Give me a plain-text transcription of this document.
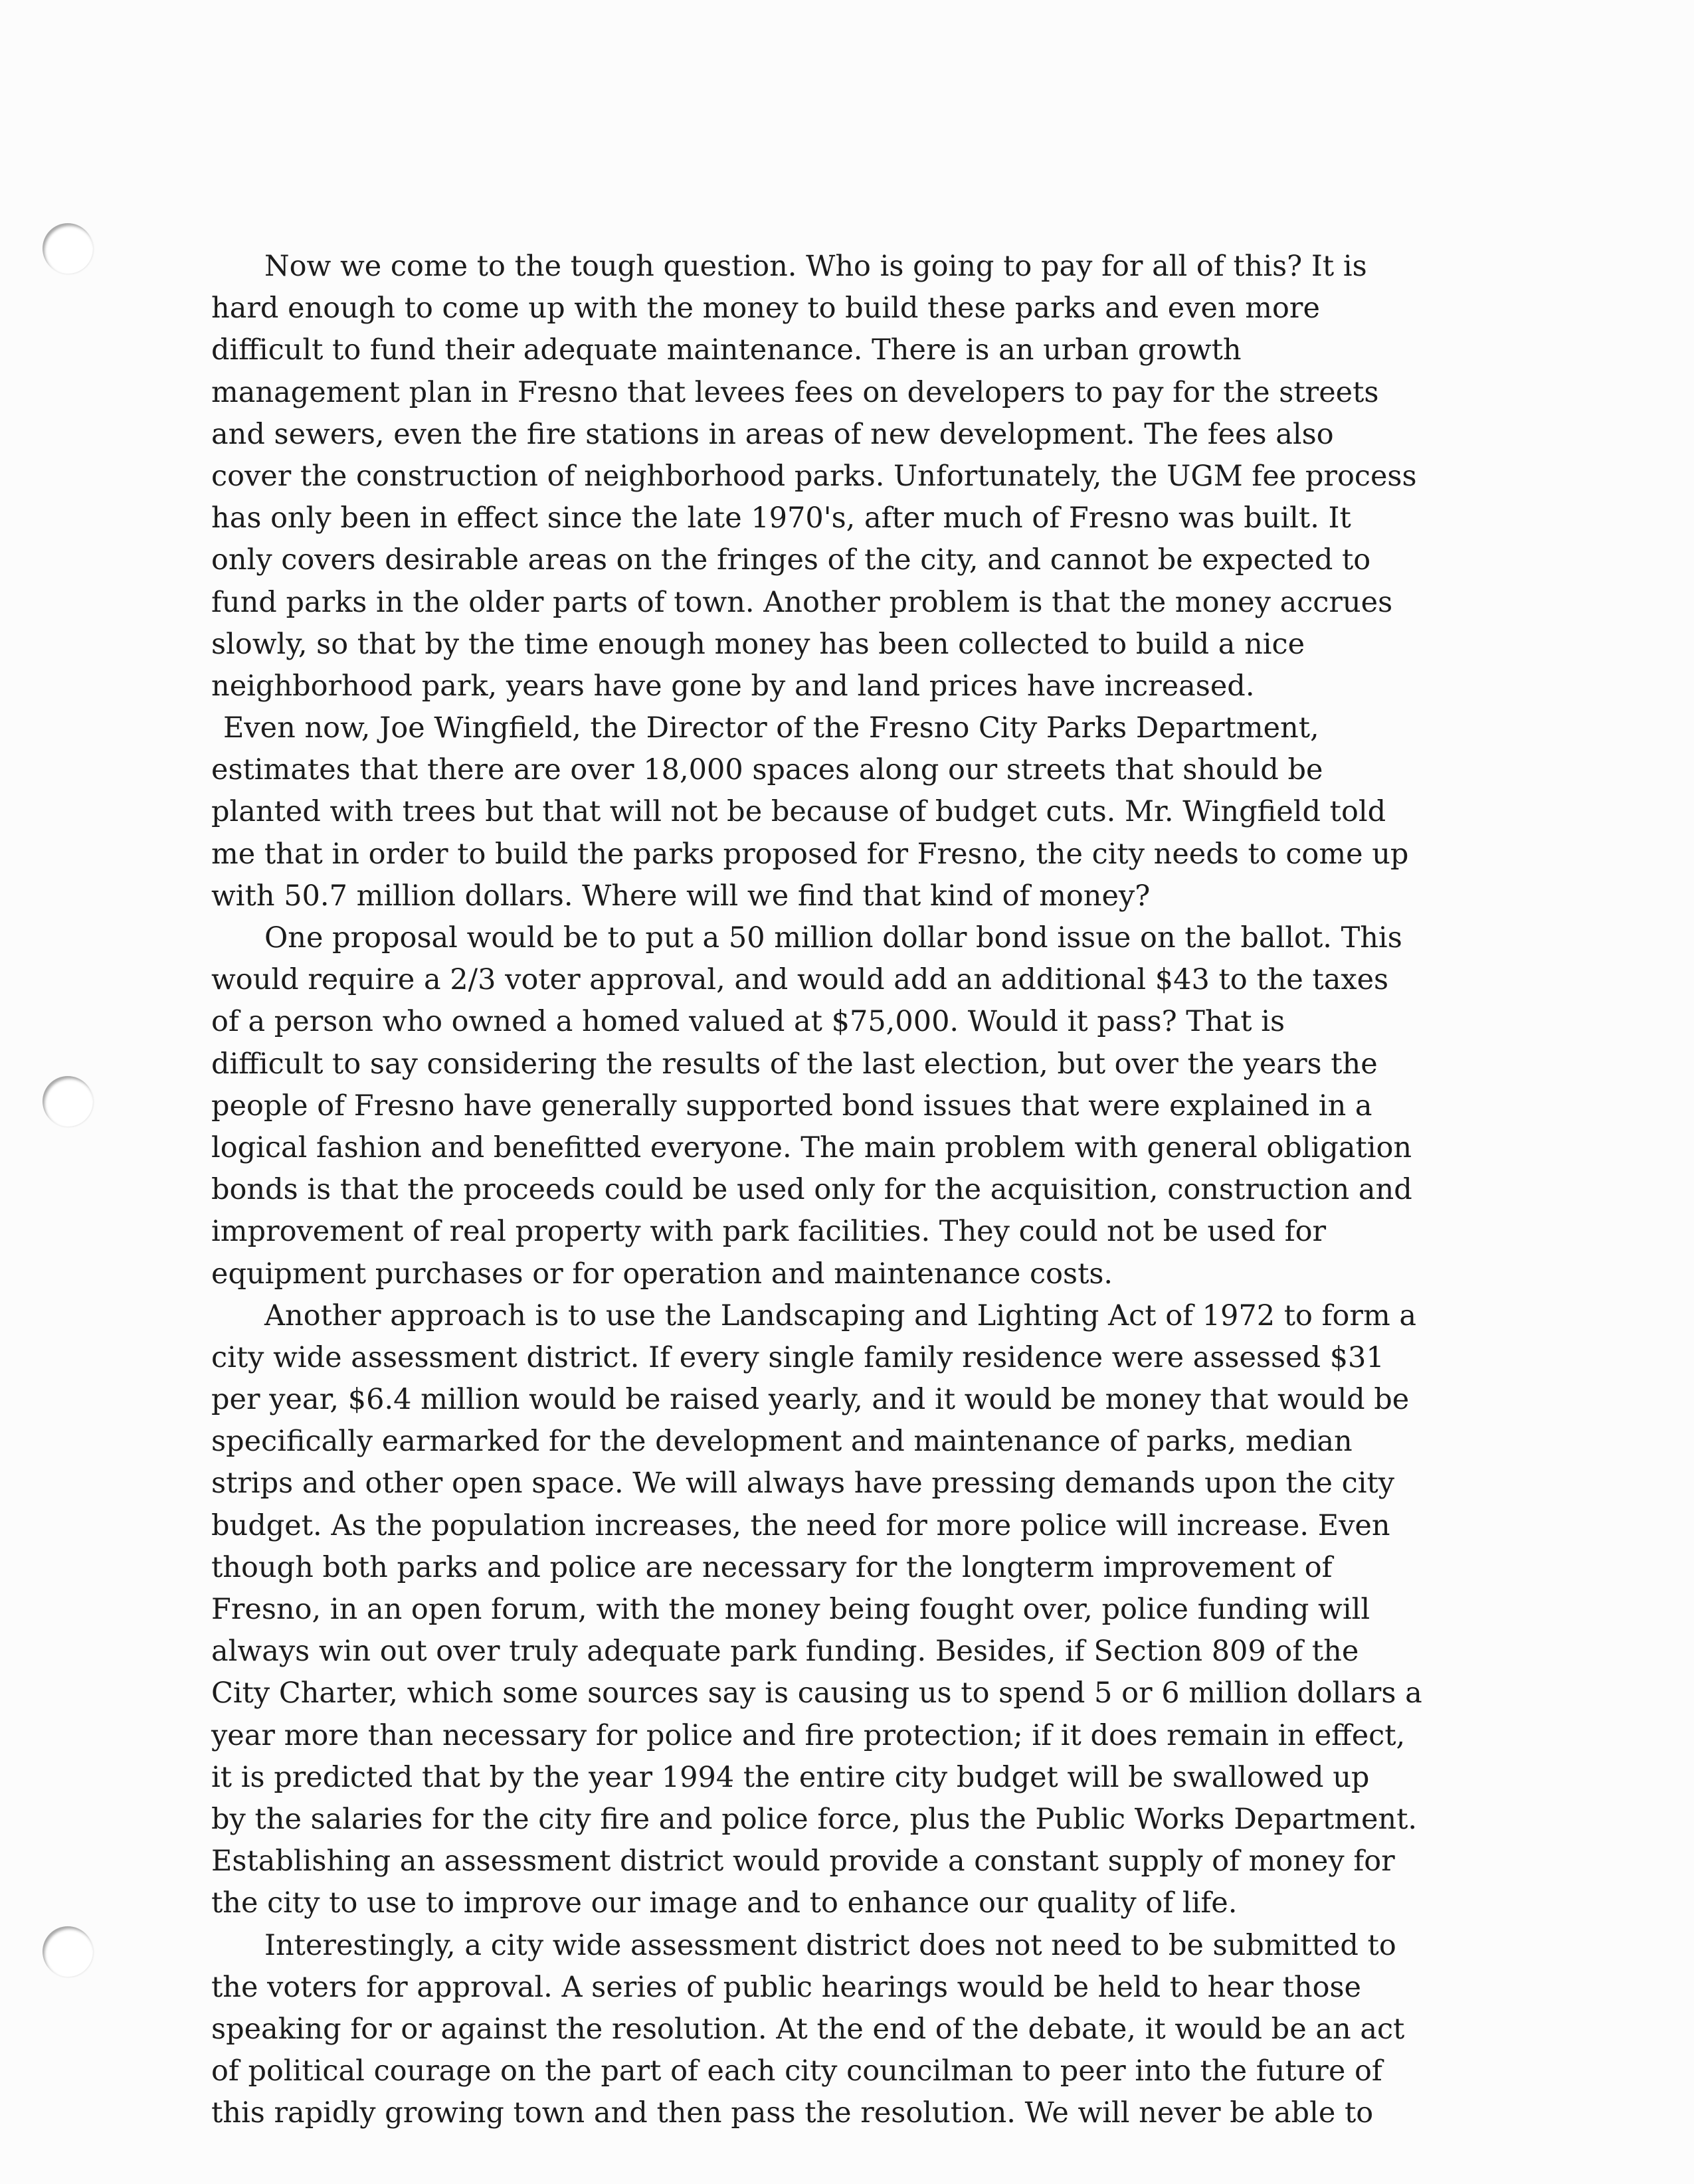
Now we come to the tough question. Who is going to pay for all of this? It is
hard enough to come up with the money to build these parks and even more
difficult to fund their adequate maintenance. There is an urban growth
management plan in Fresno that levees fees on developers to pay for the streets
and sewers, even the fire stations in areas of new development. The fees also
cover the construction of neighborhood parks. Unfortunately, the UGM fee process
has only been in effect since the late 1970's, after much of Fresno was built. It
only covers desirable areas on the fringes of the city, and cannot be expected to
fund parks in the older parts of town. Another problem is that the money accrues
slowly, so that by the time enough money has been collected to build a nice
neighborhood park, years have gone by and land prices have increased.
Even now, Joe Wingfield, the Director of the Fresno City Parks Department,
estimates that there are over 18,000 spaces along our streets that should be
planted with trees but that will not be because of budget cuts. Mr. Wingfield told
me that in order to build the parks proposed for Fresno, the city needs to come up
with 50.7 million dollars. Where will we find that kind of money?
One proposal would be to put a 50 million dollar bond issue on the ballot. This
would require a 2/3 voter approval, and would add an additional $43 to the taxes
of a person who owned a homed valued at $75,000. Would it pass? That is
difficult to say considering the results of the last election, but over the years the
people of Fresno have generally supported bond issues that were explained in a
logical fashion and benefitted everyone. The main problem with general obligation
bonds is that the proceeds could be used only for the acquisition, construction and
improvement of real property with park facilities. They could not be used for
equipment purchases or for operation and maintenance costs.
Another approach is to use the Landscaping and Lighting Act of 1972 to form a
city wide assessment district. If every single family residence were assessed $31
per year, $6.4 million would be raised yearly, and it would be money that would be
specifically earmarked for the development and maintenance of parks, median
strips and other open space. We will always have pressing demands upon the city
budget. As the population increases, the need for more police will increase. Even
though both parks and police are necessary for the longterm improvement of
Fresno, in an open forum, with the money being fought over, police funding will
always win out over truly adequate park funding. Besides, if Section 809 of the
City Charter, which some sources say is causing us to spend 5 or 6 million dollars a
year more than necessary for police and fire protection; if it does remain in effect,
it is predicted that by the year 1994 the entire city budget will be swallowed up
by the salaries for the city fire and police force, plus the Public Works Department.
Establishing an assessment district would provide a constant supply of money for
the city to use to improve our image and to enhance our quality of life.
Interestingly, a city wide assessment district does not need to be submitted to
the voters for approval. A series of public hearings would be held to hear those
speaking for or against the resolution. At the end of the debate, it would be an act
of political courage on the part of each city councilman to peer into the future of
this rapidly growing town and then pass the resolution. We will never be able to
